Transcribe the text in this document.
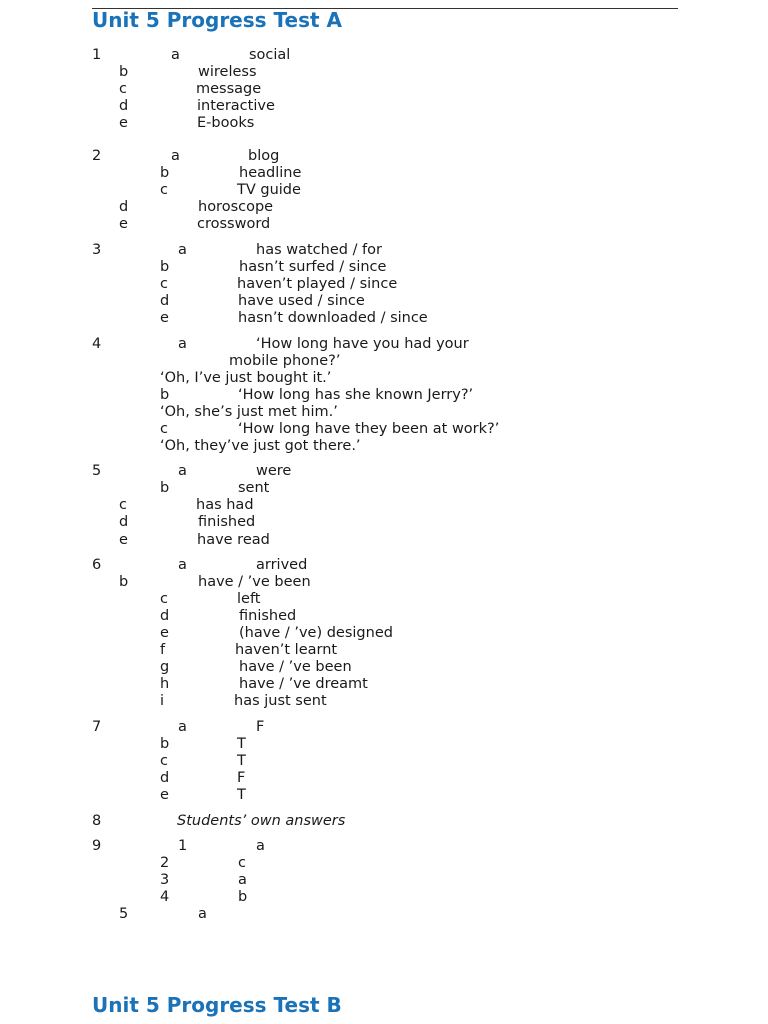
Unit 5 Progress Test A
1	a	social
b	wireless
c	message
d	interactive
e	E-books
2	a	blog
b	headline
c	TV guide
d	horoscope
e	crossword
3	a	has watched / for
b	hasn’t surfed / since
c	haven’t played / since
d	have used / since
e	hasn’t downloaded / since
4	a	‘How long have you had your
mobile phone?’
‘Oh, I’ve just bought it.’
b	‘How long has she known Jerry?’
‘Oh, she’s just met him.’
c	‘How long have they been at work?’
‘Oh, they’ve just got there.’
5	a	were
b	sent
c	has had
d	finished
e	have read
6	a	arrived
b	have / ’ve been
c	left
d	finished
e	(have / ’ve) designed
f	haven’t learnt
g	have / ’ve been
h	have / ’ve dreamt
i	has just sent
7	a	F
b	T
c	T
d	F
e	T
8	Students’ own answers
9	1	a
2	c
3	a
4	b
5	a
Unit 5 Progress Test B
